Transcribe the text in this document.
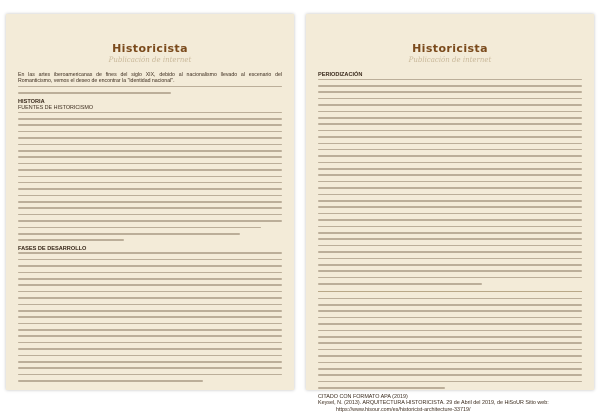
Historicista
Publicación de internet

En las artes iberoamericanas de fines del siglo XIX, debido al nacionalismo llevado al escenario del Romanticismo, vemos el deseo de encontrar la "identidad nacional".

HISTORIA
FUENTES DE HISTORICISMO
FASES DE DESARROLLO
Historicista
Publicación de internet
PERIODIZACIÓN
CITADO CON FORMATO APA (2019)
Keysel, N. (2013). ARQUITECTURA HISTORICISTA. 29 de Abril del 2019, de HiSoUR Sitio web:
https://www.hisour.com/es/historicist-architecture-33719/
